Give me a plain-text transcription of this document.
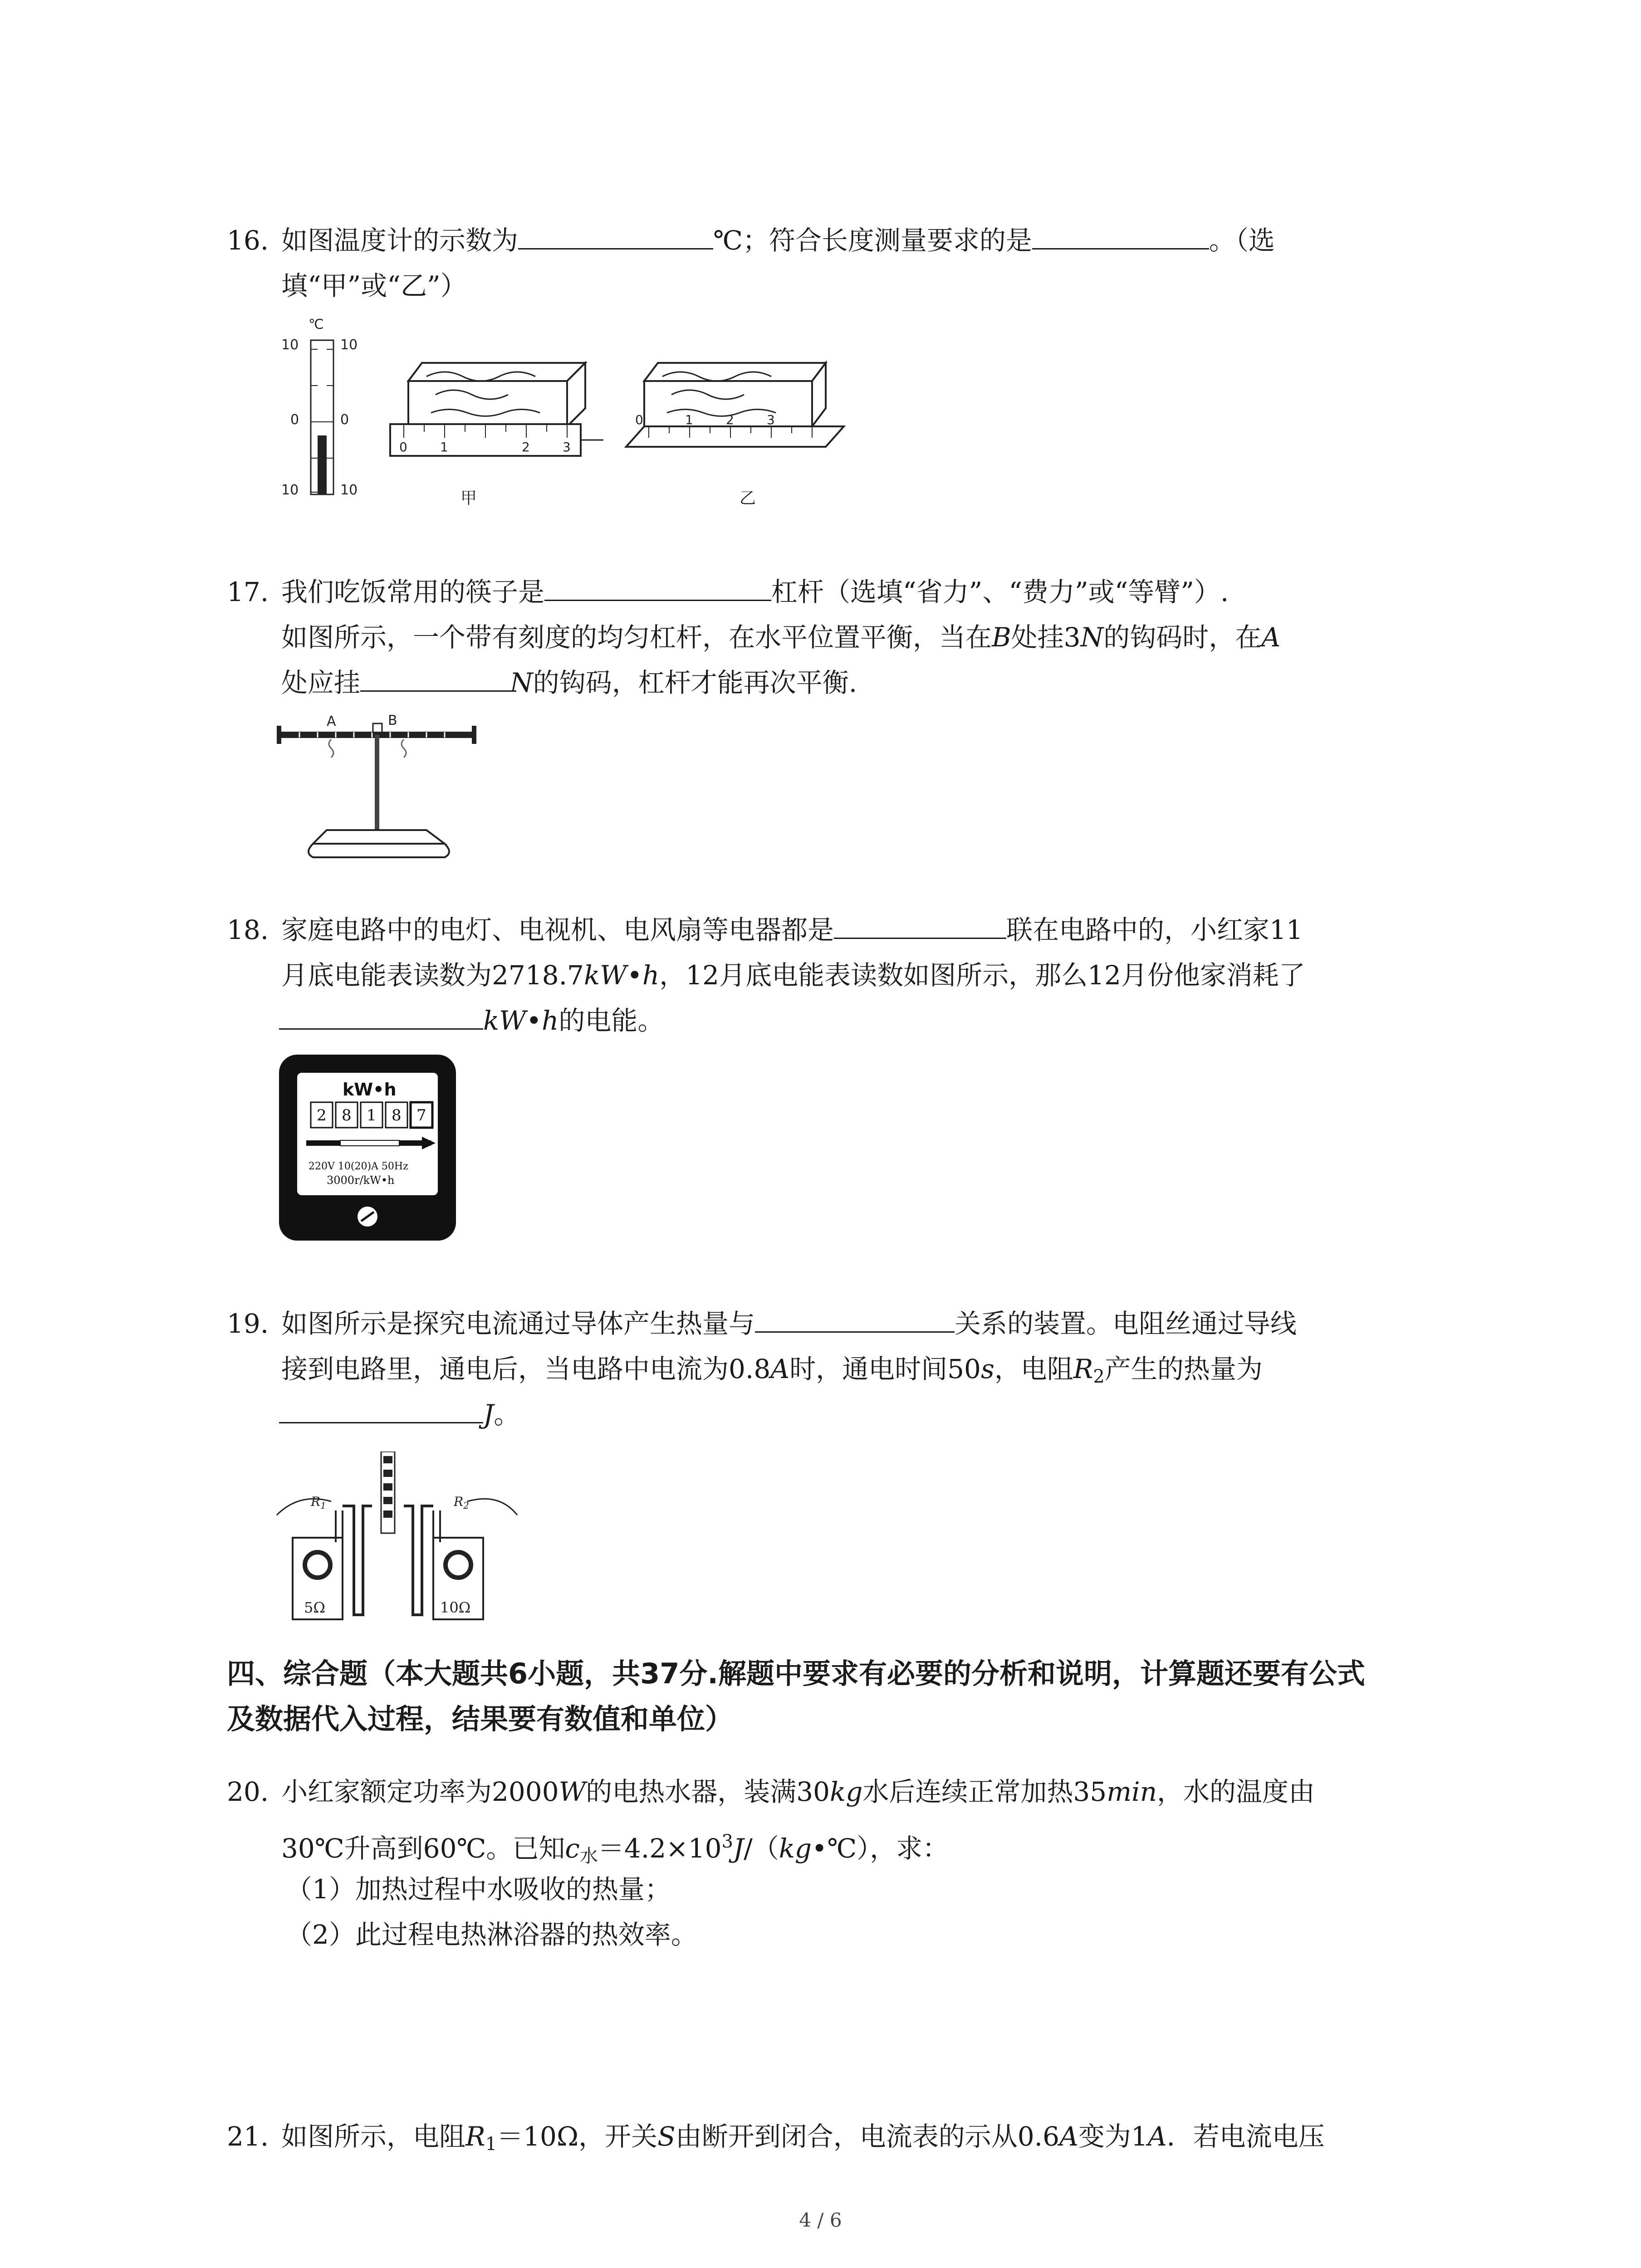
16. 如图温度计的示数为	℃；符合长度测量要求的是	。（选
填“甲”或“乙”）
℃
10
0
10
10
0
10
0	1	2	3
甲
0	1	2	3
乙
17. 我们吃饭常用的筷子是	杠杆（选填“省力”、“费力”或“等臂”）.
如图所示，一个带有刻度的均匀杠杆，在水平位置平衡，当在B处挂3N的钩码时，在A
处应挂	N的钩码，杠杆才能再次平衡.
A	B
18. 家庭电路中的电灯、电视机、电风扇等电器都是	联在电路中的，小红家11
月底电能表读数为2718.7kW•h，12月底电能表读数如图所示，那么12月份他家消耗了
kW•h的电能。
kW•h
2 8 1 8 7
220V 10(20)A 50Hz
3000r/kW•h
19. 如图所示是探究电流通过导体产生热量与	关系的装置。电阻丝通过导线
接到电路里，通电后，当电路中电流为0.8A时，通电时间50s，电阻$R_2$产生的热量为
J。
$R_1$	$R_2$
5Ω	10Ω
四、综合题（本大题共6小题，共37分.解题中要求有必要的分析和说明，计算题还要有公式
及数据代入过程，结果要有数值和单位）
20. 小红家额定功率为2000W的电热水器，装满30kg水后连续正常加热35min，水的温度由
30℃升高到60℃。已知$c_水=4.2\times 10^3J/(kg•℃)$，求：
（1）加热过程中水吸收的热量；
（2）此过程电热淋浴器的热效率。
21. 如图所示，电阻$R_1=10\Omega$，开关S由断开到闭合，电流表的示从0.6A变为1A．若电流电压
4 / 6
